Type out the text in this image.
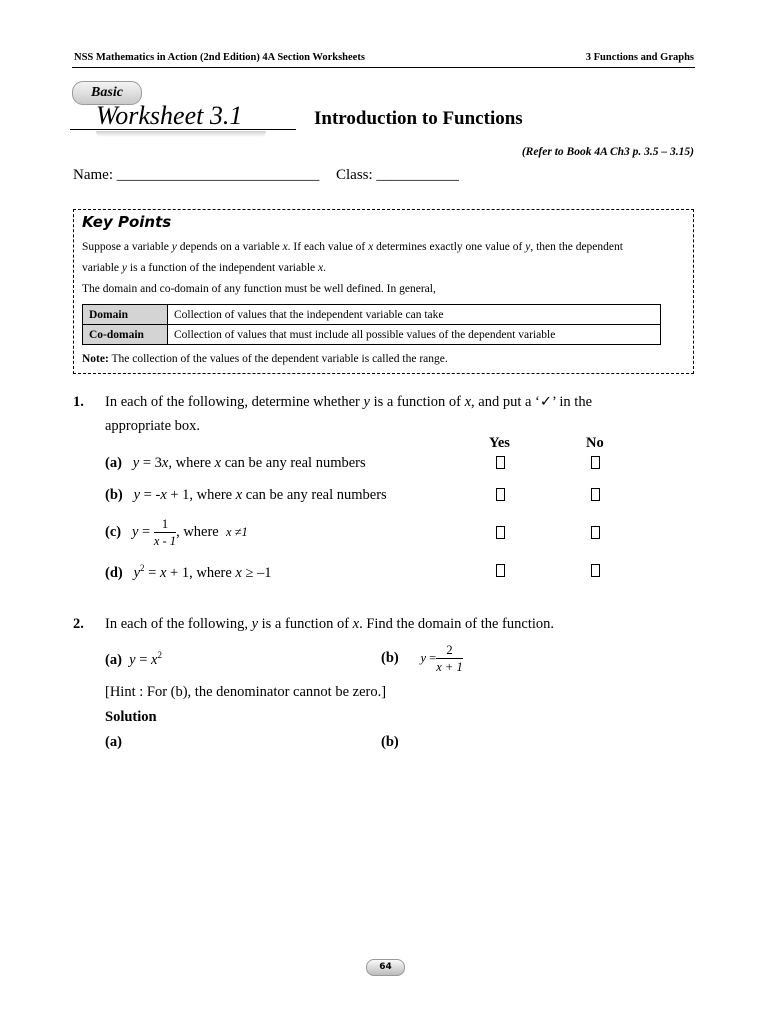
NSS Mathematics in Action (2nd Edition) 4A Section Worksheets	3 Functions and Graphs
Basic
Worksheet 3.1	Introduction to Functions
(Refer to Book 4A Ch3 p. 3.5 – 3.15)
Name: ___________________________ Class: ___________
Key Points
Suppose a variable y depends on a variable x. If each value of x determines exactly one value of y, then the dependent
variable y is a function of the independent variable x.
The domain and co-domain of any function must be well defined. In general,
Domain	Collection of values that the independent variable can take
Co-domain	Collection of values that must include all possible values of the dependent variable
Note: The collection of the values of the dependent variable is called the range.
1. In each of the following, determine whether y is a function of x, and put a ‘✓’ in the
appropriate box.
Yes	No
(a) y = 3x, where x can be any real numbers
(b) y = -x + 1, where x can be any real numbers
(c) $y = \frac{1}{x - 1}$ , where x ≠1
(d) $y^2 = x + 1$, where x ≥ –1
2. In each of the following, y is a function of x. Find the domain of the function.
(a) $y = x^2$	(b) $y = \frac{2}{x + 1}$
[Hint : For (b), the denominator cannot be zero.]
Solution
(a)	(b)
64
